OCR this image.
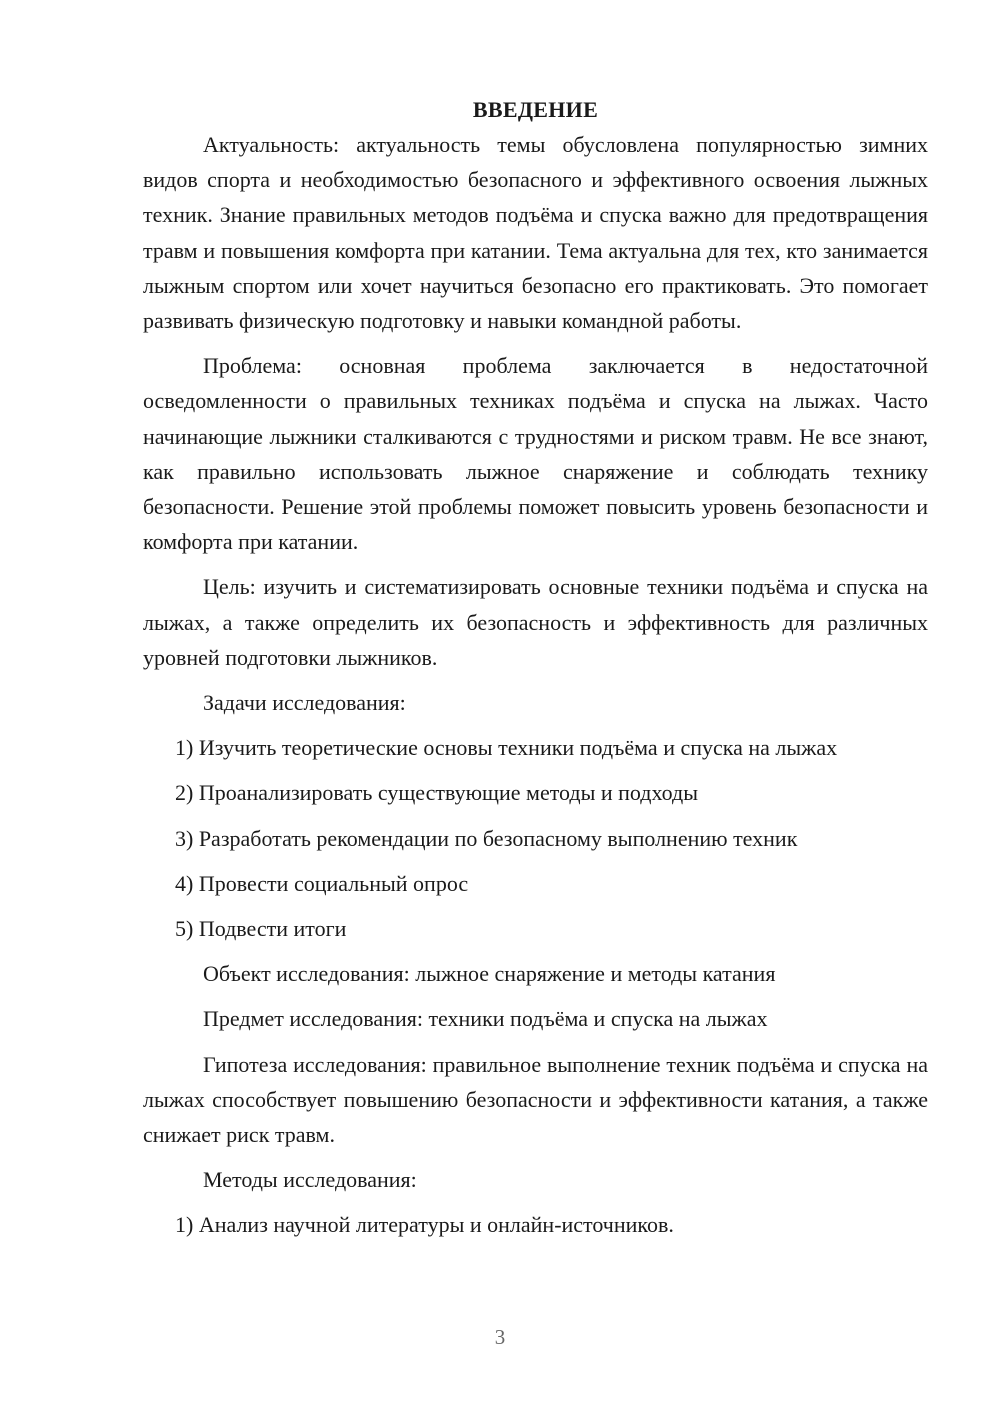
ВВЕДЕНИЕ

Актуальность: актуальность темы обусловлена популярностью зимних видов спорта и необходимостью безопасного и эффективного освоения лыжных техник. Знание правильных методов подъёма и спуска важно для предотвращения травм и повышения комфорта при катании. Тема актуальна для тех, кто занимается лыжным спортом или хочет научиться безопасно его практиковать. Это помогает развивать физическую подготовку и навыки командной работы.

Проблема: основная проблема заключается в недостаточной осведомленности о правильных техниках подъёма и спуска на лыжах. Часто начинающие лыжники сталкиваются с трудностями и риском травм. Не все знают, как правильно использовать лыжное снаряжение и соблюдать технику безопасности. Решение этой проблемы поможет повысить уровень безопасности и комфорта при катании.

Цель: изучить и систематизировать основные техники подъёма и спуска на лыжах, а также определить их безопасность и эффективность для различных уровней подготовки лыжников.

Задачи исследования:

1) Изучить теоретические основы техники подъёма и спуска на лыжах

2) Проанализировать существующие методы и подходы

3) Разработать рекомендации по безопасному выполнению техник

4) Провести социальный опрос

5) Подвести итоги

Объект исследования: лыжное снаряжение и методы катания

Предмет исследования: техники подъёма и спуска на лыжах

Гипотеза исследования: правильное выполнение техник подъёма и спуска на лыжах способствует повышению безопасности и эффективности катания, а также снижает риск травм.

Методы исследования:

1) Анализ научной литературы и онлайн-источников.

3
